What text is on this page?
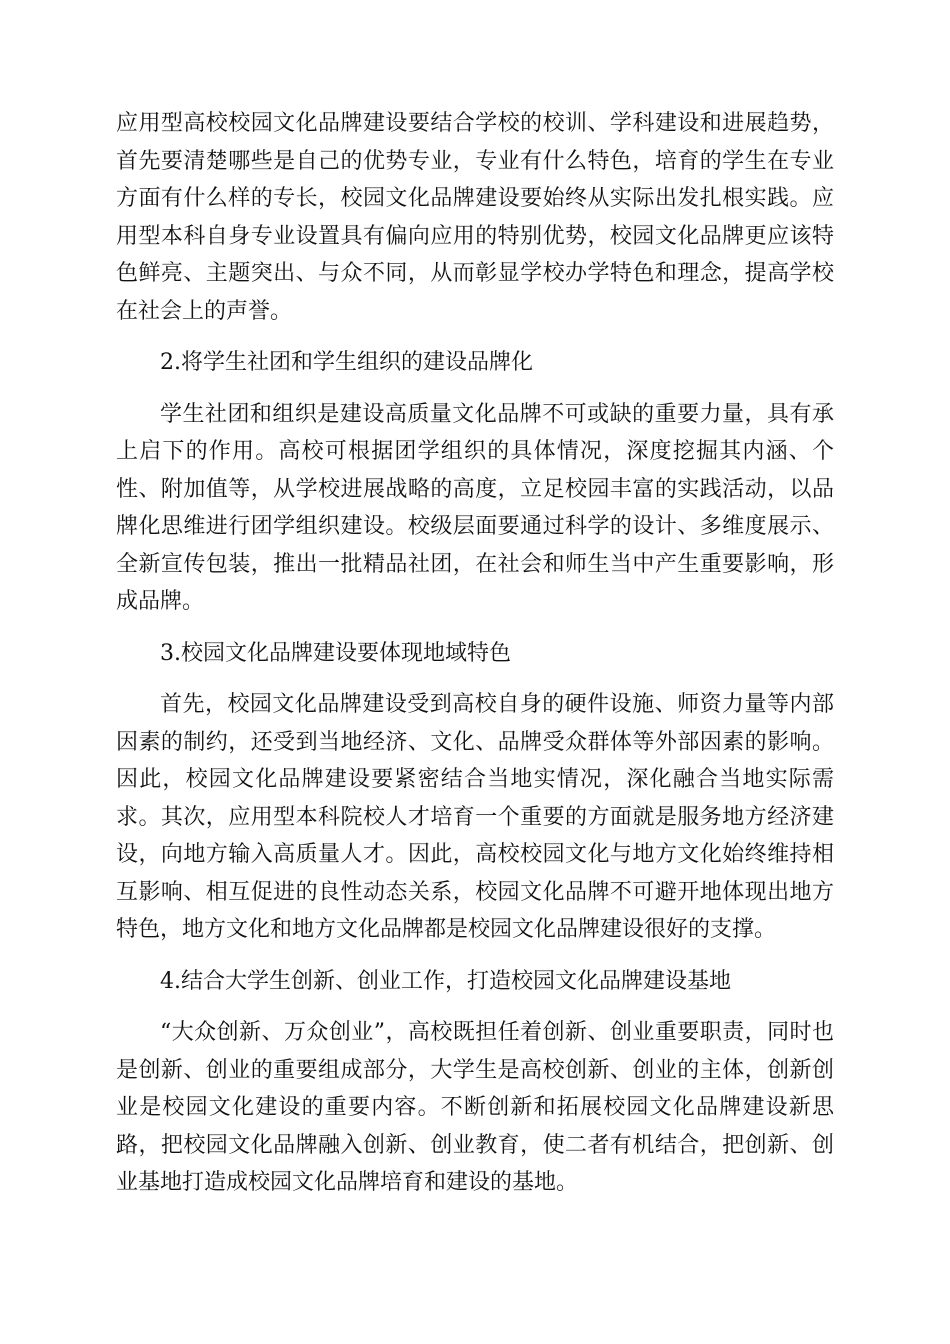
应用型高校校园文化品牌建设要结合学校的校训、学科建设和进展趋势，首先要清楚哪些是自己的优势专业，专业有什么特色，培育的学生在专业方面有什么样的专长，校园文化品牌建设要始终从实际出发扎根实践。应用型本科自身专业设置具有偏向应用的特别优势，校园文化品牌更应该特色鲜亮、主题突出、与众不同，从而彰显学校办学特色和理念，提高学校在社会上的声誉。

2.将学生社团和学生组织的建设品牌化

学生社团和组织是建设高质量文化品牌不可或缺的重要力量，具有承上启下的作用。高校可根据团学组织的具体情况，深度挖掘其内涵、个性、附加值等，从学校进展战略的高度，立足校园丰富的实践活动，以品牌化思维进行团学组织建设。校级层面要通过科学的设计、多维度展示、全新宣传包装，推出一批精品社团，在社会和师生当中产生重要影响，形成品牌。

3.校园文化品牌建设要体现地域特色

首先，校园文化品牌建设受到高校自身的硬件设施、师资力量等内部因素的制约，还受到当地经济、文化、品牌受众群体等外部因素的影响。因此，校园文化品牌建设要紧密结合当地实情况，深化融合当地实际需求。其次，应用型本科院校人才培育一个重要的方面就是服务地方经济建设，向地方输入高质量人才。因此，高校校园文化与地方文化始终维持相互影响、相互促进的良性动态关系，校园文化品牌不可避开地体现出地方特色，地方文化和地方文化品牌都是校园文化品牌建设很好的支撑。

4.结合大学生创新、创业工作，打造校园文化品牌建设基地

“大众创新、万众创业”，高校既担任着创新、创业重要职责，同时也是创新、创业的重要组成部分，大学生是高校创新、创业的主体，创新创业是校园文化建设的重要内容。不断创新和拓展校园文化品牌建设新思路，把校园文化品牌融入创新、创业教育，使二者有机结合，把创新、创业基地打造成校园文化品牌培育和建设的基地。
